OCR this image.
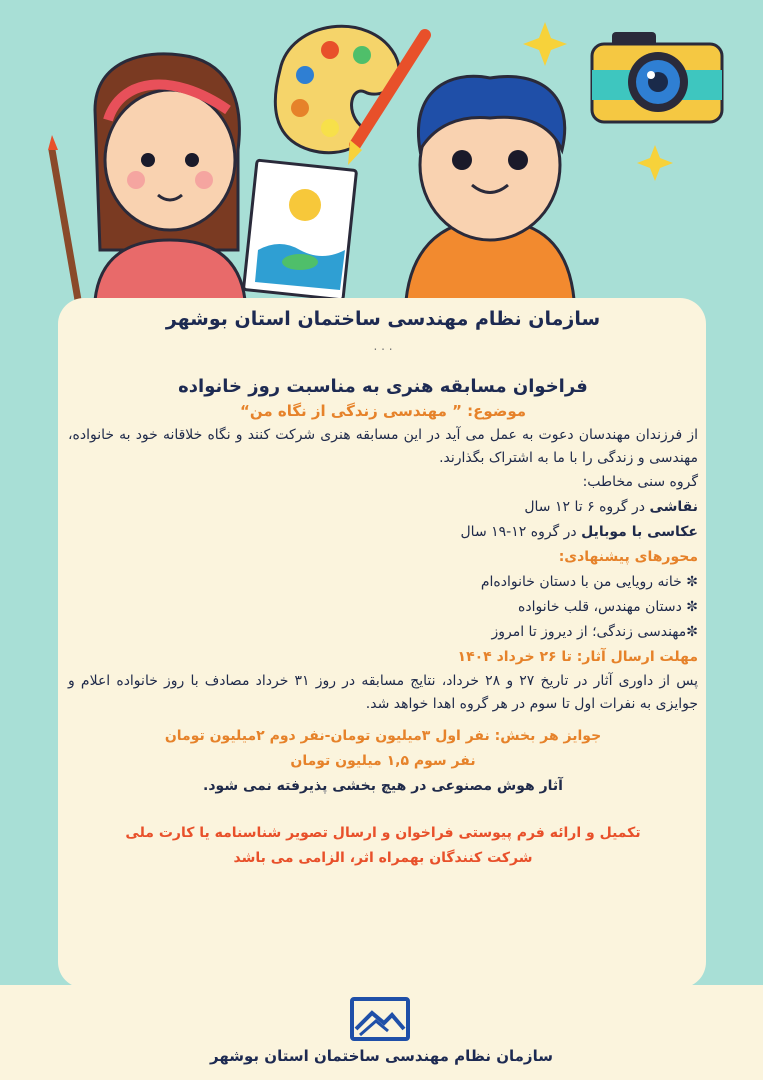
سازمان نظام مهندسی ساختمان استان بوشهر
. . .
فراخوان مسابقه هنری به مناسبت روز خانواده
موضوع: ” مهندسی زندگی از نگاه من“
از فرزندان مهندسان دعوت به عمل می آید در این مسابقه هنری شرکت کنند و نگاه خلاقانه خود به خانواده، مهندسی و زندگی را با ما به اشتراک بگذارند.
گروه سنی مخاطب:
نقاشی در گروه ۶ تا ۱۲ سال
عکاسی با موبایل در گروه ۱۲-۱۹ سال
محورهای پیشنهادی:
✼ خانه رویایی من با دستان خانواده‌ام
✼ دستان مهندس، قلب خانواده
✼مهندسی زندگی؛ از دیروز تا امروز
مهلت ارسال آثار: تا ۲۶ خرداد ۱۴۰۴
پس از داوری آثار در تاریخ ۲۷ و ۲۸ خرداد، نتایج مسابقه در روز ۳۱ خرداد مصادف با روز خانواده اعلام و جوایزی به نفرات اول تا سوم در هر گروه اهدا خواهد شد.
جوایز هر بخش: نفر اول ۳میلیون تومان-نفر دوم ۲میلیون تومان
نفر سوم ۱,۵ میلیون تومان
آثار هوش مصنوعی در هیچ بخشی پذیرفته نمی شود.
تکمیل و ارائه فرم پیوستی فراخوان و ارسال تصویر شناسنامه یا کارت ملی
شرکت کنندگان بهمراه اثر، الزامی می باشد
سازمان نظام مهندسی ساختمان استان بوشهر
